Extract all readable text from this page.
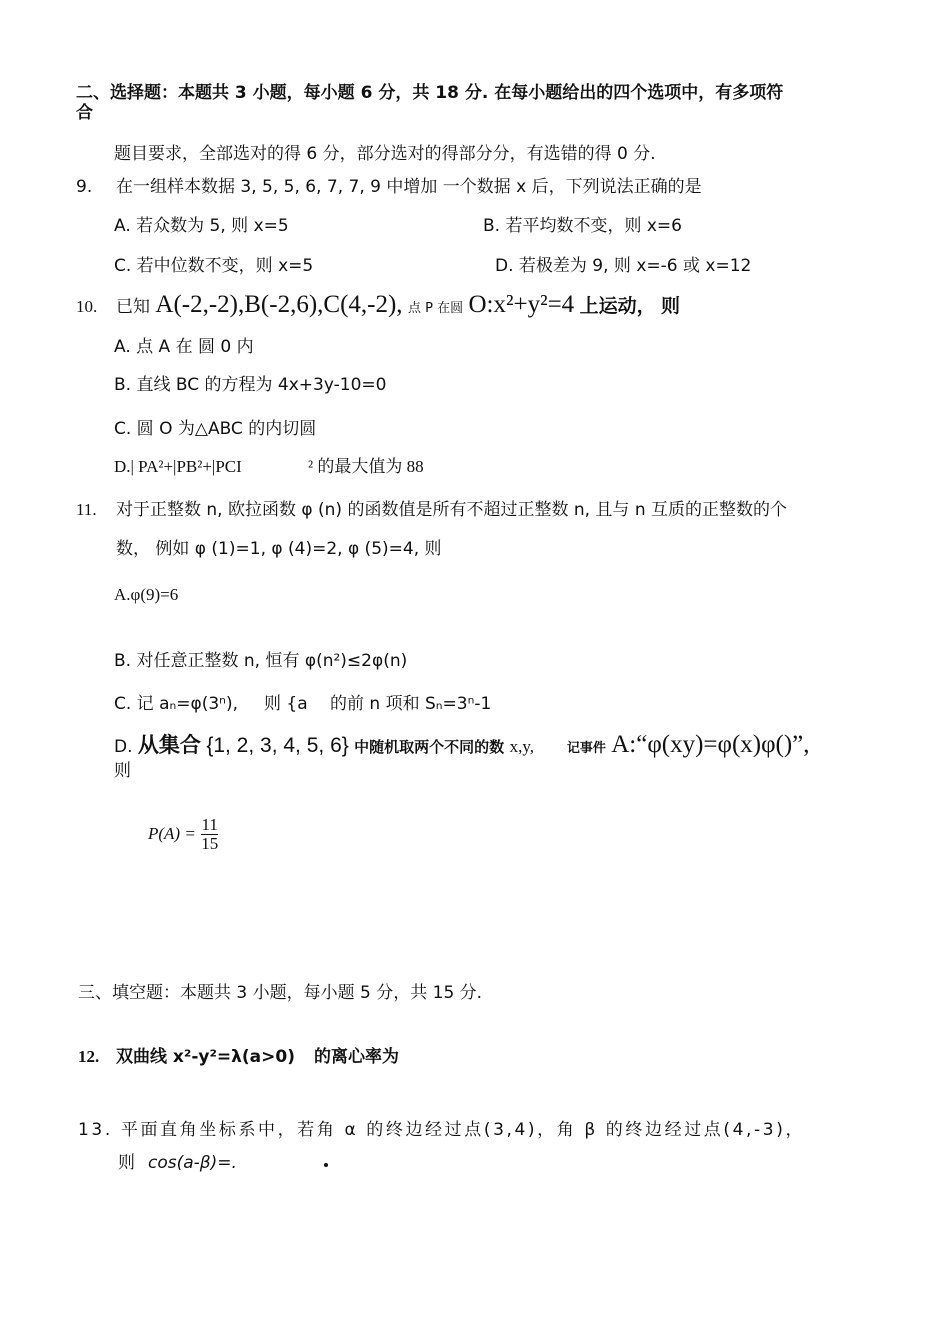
二、选择题：本题共 3 小题，每小题 6 分，共 18 分. 在每小题给出的四个选项中，有多项符
合
题目要求，全部选对的得 6 分，部分选对的得部分分，有选错的得 0 分.
9. 在一组样本数据 3, 5, 5, 6, 7, 7, 9 中增加 一个数据 x 后，下列说法正确的是
A. 若众数为 5, 则 x=5	B. 若平均数不变，则 x=6
C. 若中位数不变，则 x=5	D. 若极差为 9, 则 x=-6 或 x=12
10. 已知 A(-2,-2),B(-2,6),C(4,-2), 点 P 在圆 O:x²+y²=4 上运动， 则
A. 点 A 在 圆 0 内
B. 直线 BC 的方程为 4x+3y-10=0
C. 圆 O 为△ABC 的内切圆
D.| PA²+|PB²+|PCI	² 的最大值为 88
11. 对于正整数 n, 欧拉函数 φ (n) 的函数值是所有不超过正整数 n, 且与 n 互质的正整数的个
数， 例如 φ (1)=1, φ (4)=2, φ (5)=4, 则
A.φ(9)=6
B. 对任意正整数 n, 恒有 φ(n²)≤2φ(n)
C. 记 aₙ=φ(3ⁿ), 则 {a 的前 n 项和 Sₙ=3ⁿ-1
D. 从集合 {1, 2, 3, 4, 5, 6} 中随机取两个不同的数 x,y,	记事件 A:“φ(xy)=φ(x)φ()”,
则
$P(A) = \frac{11}{15}$
三、填空题：本题共 3 小题，每小题 5 分，共 15 分.
12. 双曲线 x²-y²=λ(a>0) 的离心率为
13. 平面直角坐标系中，若角 α 的终边经过点(3,4)，角 β 的终边经过点(4,-3)，
则 cos(a-β)=.
